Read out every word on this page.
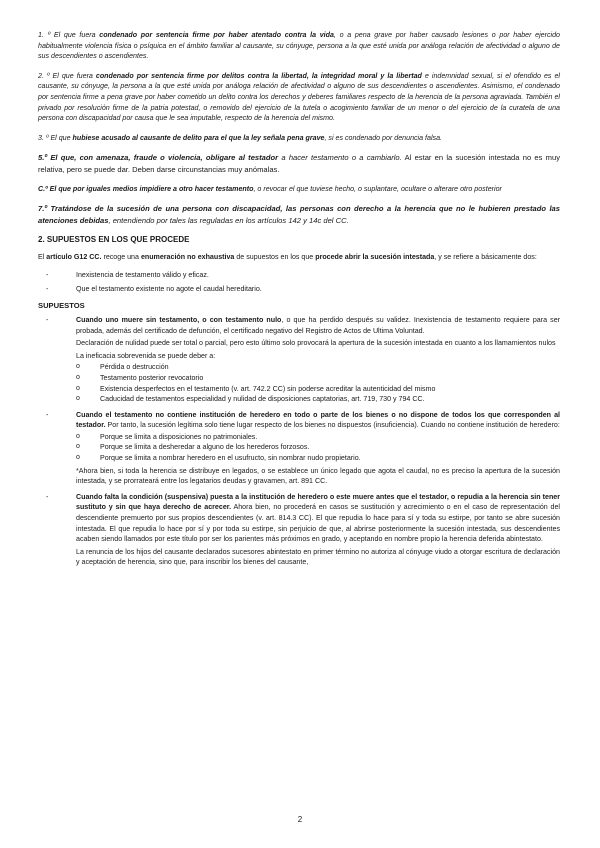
1. º El que fuera condenado por sentencia firme por haber atentado contra la vida, o a pena grave por haber causado lesiones o por haber ejercido habitualmente violencia física o psíquica en el ámbito familiar al causante, su cónyuge, persona a la que esté unida por análoga relación de afectividad o alguno de sus descendientes o ascendientes.

2. º El que fuera condenado por sentencia firme por delitos contra la libertad, la integridad moral y la libertad e indemnidad sexual, si el ofendido es el causante, su cónyuge, la persona a la que esté unida por análoga relación de afectividad o alguno de sus descendientes o ascendientes. Asimismo, el condenado por sentencia firme a pena grave por haber cometido un delito contra los derechos y deberes familiares respecto de la herencia de la persona agraviada. También el privado por resolución firme de la patria potestad, o removido del ejercicio de la tutela o acogimiento familiar de un menor o del ejercicio de la curatela de una persona con discapacidad por causa que le sea imputable, respecto de la herencia del mismo.

3. º El que hubiese acusado al causante de delito para el que la ley señala pena grave, si es condenado por denuncia falsa.

5.º El que, con amenaza, fraude o violencia, obligare al testador a hacer testamento o a cambiarlo. Al estar en la sucesión intestada no es muy relativa, pero se puede dar. Deben darse circunstancias muy anómalas.

C.º El que por iguales medios impidiere a otro hacer testamento, o revocar el que tuviese hecho, o suplantare, ocultare o alterare otro posterior

7.º Tratándose de la sucesión de una persona con discapacidad, las personas con derecho a la herencia que no le hubieren prestado las atenciones debidas, entendiendo por tales las reguladas en los artículos 142 y 14c del CC.

2. SUPUESTOS EN LOS QUE PROCEDE

El artículo G12 CC. recoge una enumeración no exhaustiva de supuestos en los que procede abrir la sucesión intestada, y se refiere a básicamente dos:

- Inexistencia de testamento válido y eficaz.
- Que el testamento existente no agote el caudal hereditario.
SUPUESTOS
- Cuando uno muere sin testamento, o con testamento nulo, o que ha perdido después su validez. Inexistencia de testamento requiere para ser probada, además del certificado de defunción, el certificado negativo del Registro de Actos de Ultima Voluntad.
Declaración de nulidad puede ser total o parcial, pero esto último solo provocará la apertura de la sucesión intestada en cuanto a los llamamientos nulos
La ineficacia sobrevenida se puede deber a:
o Pérdida o destrucción
o Testamento posterior revocatorio
o Existencia desperfectos en el testamento (v. art. 742.2 CC) sin poderse acreditar la autenticidad del mismo
o Caducidad de testamentos especialidad y nulidad de disposiciones captatorias, art. 719, 730 y 794 CC.
- Cuando el testamento no contiene institución de heredero en todo o parte de los bienes o no dispone de todos los que corresponden al testador. Por tanto, la sucesión legítima solo tiene lugar respecto de los bienes no dispuestos (insuficiencia). Cuando no contiene institución de heredero:
o Porque se limita a disposiciones no patrimoniales.
o Porque se limita a desheredar a alguno de los herederos forzosos.
o Porque se limita a nombrar heredero en el usufructo, sin nombrar nudo propietario.
*Ahora bien, si toda la herencia se distribuye en legados, o se establece un único legado que agota el caudal, no es preciso la apertura de la sucesión intestada, y se prorrateará entre los legatarios deudas y gravamen, art. 891 CC.
- Cuando falta la condición (suspensiva) puesta a la institución de heredero o este muere antes que el testador, o repudia a la herencia sin tener sustituto y sin que haya derecho de acrecer. Ahora bien, no procederá en casos se sustitución y acrecimiento o en el caso de representación del descendiente premuerto por sus propios descendientes (v. art. 814.3 CC). El que repudia lo hace para sí y toda su estirpe, por tanto se abre sucesión intestada. El que repudia lo hace por sí y por toda su estirpe, sin perjuicio de que, al abrirse posteriormente la sucesión intestada, sus descendientes acaben siendo llamados por este título por ser los parientes más próximos en grado, y aceptando en nombre propio la herencia deferida abintestato.
La renuncia de los hijos del causante declarados sucesores abintestato en primer término no autoriza al cónyuge viudo a otorgar escritura de declaración y aceptación de herencia, sino que, para inscribir los bienes del causante,
2
